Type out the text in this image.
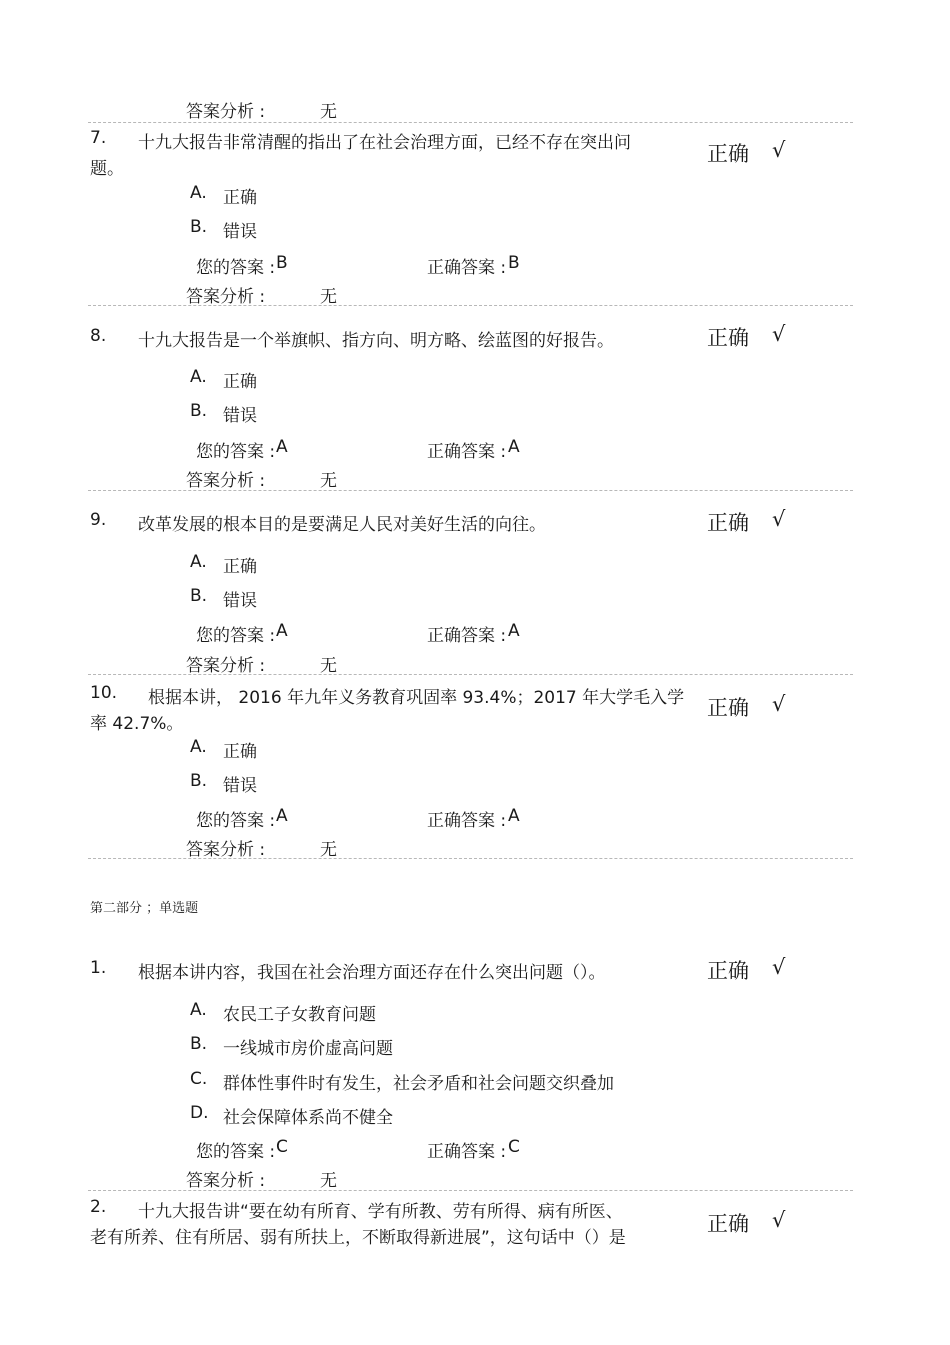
答案分析 :	无
7. 十九大报告非常清醒的指出了在社会治理方面，已经不存在突出问
题。
正确 √
A. 正确
B. 错误
您的答案 : B	正确答案 : B
答案分析 :	无
8. 十九大报告是一个举旗帜、指方向、明方略、绘蓝图的好报告。	正确 √
A. 正确
B. 错误
您的答案 : A	正确答案 : A
答案分析 :	无
9. 改革发展的根本目的是要满足人民对美好生活的向往。	正确 √
A. 正确
B. 错误
您的答案 : A	正确答案 : A
答案分析 :	无
10. 根据本讲， 2016 年九年义务教育巩固率 93.4%；2017 年大学毛入学
率 42.7%。
正确 √
A. 正确
B. 错误
您的答案 : A	正确答案 : A
答案分析 :	无
第二部分 ；单选题
1. 根据本讲内容，我国在社会治理方面还存在什么突出问题（）。	正确 √
A. 农民工子女教育问题
B. 一线城市房价虚高问题
C. 群体性事件时有发生，社会矛盾和社会问题交织叠加
D. 社会保障体系尚不健全
您的答案 : C	正确答案 : C
答案分析 :	无
2. 十九大报告讲“要在幼有所育、学有所教、劳有所得、病有所医、
老有所养、住有所居、弱有所扶上，不断取得新进展”，这句话中（）是
正确 √
